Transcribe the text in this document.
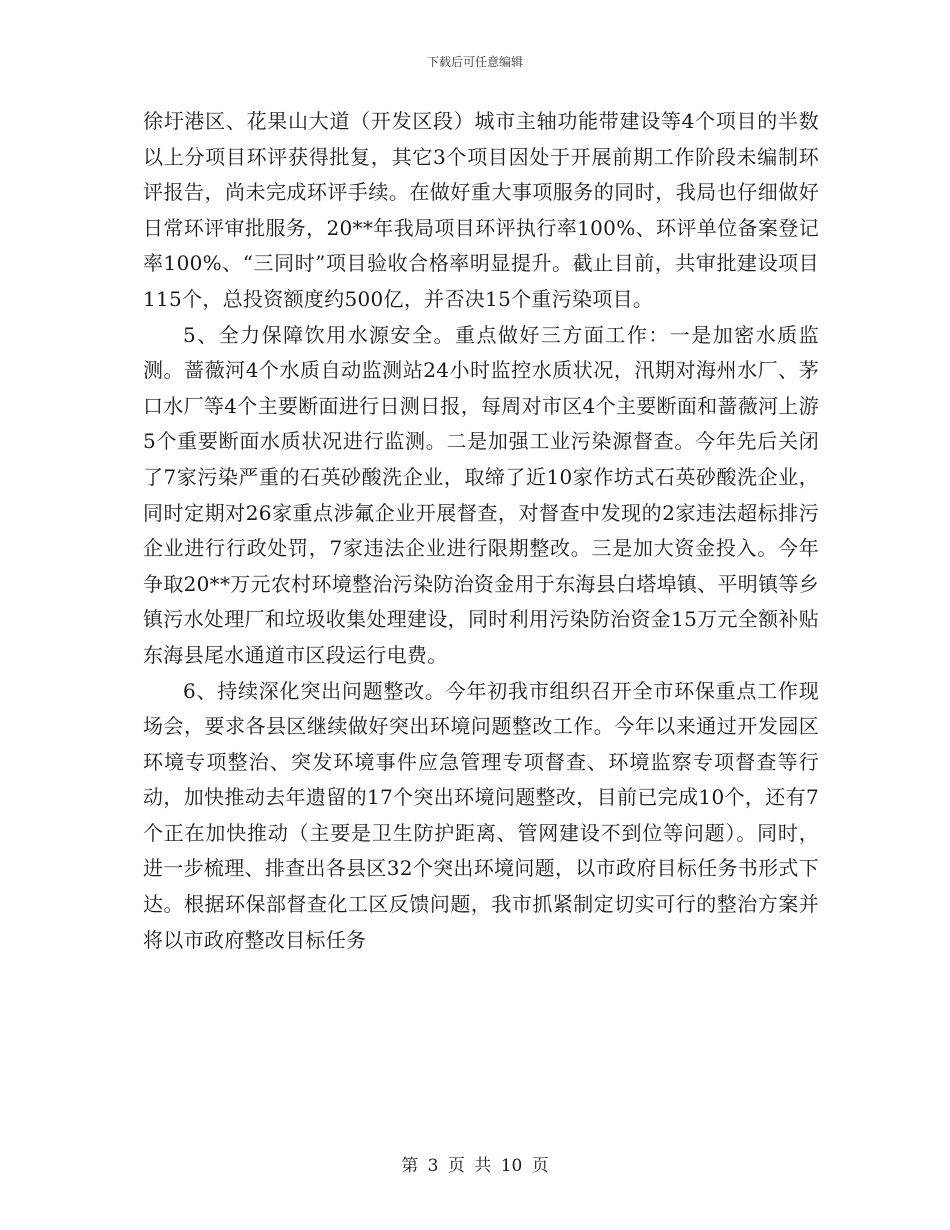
下载后可任意编辑

徐圩港区、花果山大道（开发区段）城市主轴功能带建设等4个项目的半数以上分项目环评获得批复，其它3个项目因处于开展前期工作阶段未编制环评报告，尚未完成环评手续。在做好重大事项服务的同时，我局也仔细做好日常环评审批服务，20**年我局项目环评执行率100%、环评单位备案登记率100%、“三同时”项目验收合格率明显提升。截止目前，共审批建设项目115个，总投资额度约500亿，并否决15个重污染项目。

5、全力保障饮用水源安全。重点做好三方面工作：一是加密水质监测。蔷薇河4个水质自动监测站24小时监控水质状况，汛期对海州水厂、茅口水厂等4个主要断面进行日测日报，每周对市区4个主要断面和蔷薇河上游5个重要断面水质状况进行监测。二是加强工业污染源督查。今年先后关闭了7家污染严重的石英砂酸洗企业，取缔了近10家作坊式石英砂酸洗企业，同时定期对26家重点涉氟企业开展督查，对督查中发现的2家违法超标排污企业进行行政处罚，7家违法企业进行限期整改。三是加大资金投入。今年争取20**万元农村环境整治污染防治资金用于东海县白塔埠镇、平明镇等乡镇污水处理厂和垃圾收集处理建设，同时利用污染防治资金15万元全额补贴东海县尾水通道市区段运行电费。

6、持续深化突出问题整改。今年初我市组织召开全市环保重点工作现场会，要求各县区继续做好突出环境问题整改工作。今年以来通过开发园区环境专项整治、突发环境事件应急管理专项督查、环境监察专项督查等行动，加快推动去年遗留的17个突出环境问题整改，目前已完成10个，还有7个正在加快推动（主要是卫生防护距离、管网建设不到位等问题）。同时，进一步梳理、排查出各县区32个突出环境问题，以市政府目标任务书形式下达。根据环保部督查化工区反馈问题，我市抓紧制定切实可行的整治方案并将以市政府整改目标任务

第 3 页 共 10 页
